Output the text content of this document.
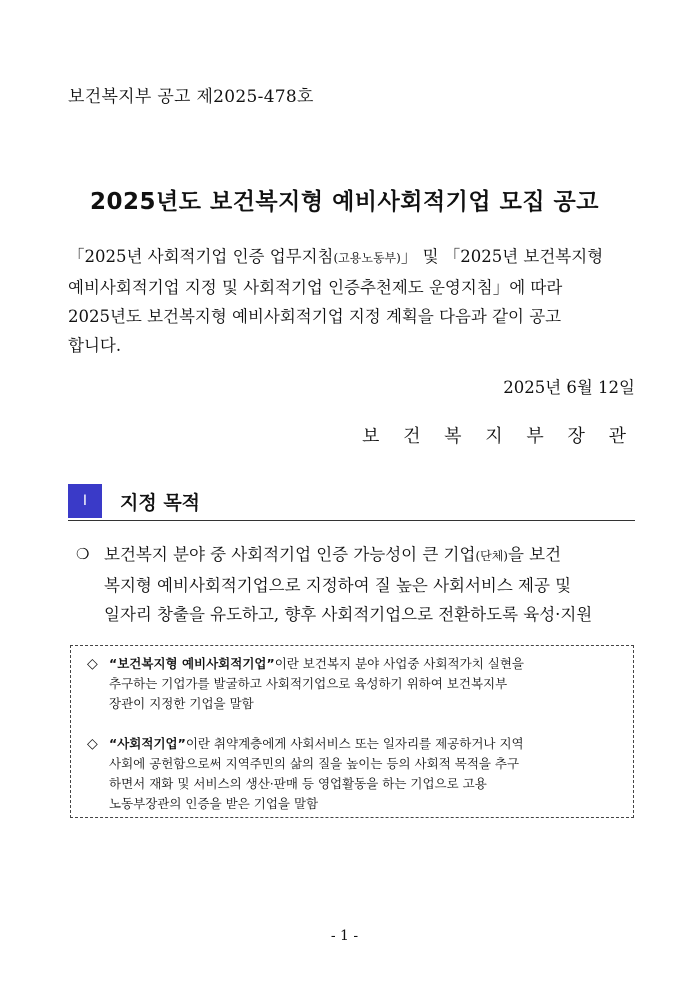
보건복지부 공고 제2025-478호
2025년도 보건복지형 예비사회적기업 모집 공고
「2025년 사회적기업 인증 업무지침(고용노동부)」 및 「2025년 보건복지형
예비사회적기업 지정 및 사회적기업 인증추천제도 운영지침」에 따라
2025년도 보건복지형 예비사회적기업 지정 계획을 다음과 같이 공고
합니다.
2025년 6월 12일
보 건 복 지 부 장 관
Ⅰ	지정 목적
❍ 보건복지 분야 중 사회적기업 인증 가능성이 큰 기업(단체)을 보건
복지형 예비사회적기업으로 지정하여 질 높은 사회서비스 제공 및
일자리 창출을 유도하고, 향후 사회적기업으로 전환하도록 육성·지원
◇ “보건복지형 예비사회적기업”이란 보건복지 분야 사업중 사회적가치 실현을
추구하는 기업가를 발굴하고 사회적기업으로 육성하기 위하여 보건복지부
장관이 지정한 기업을 말함
◇ “사회적기업”이란 취약계층에게 사회서비스 또는 일자리를 제공하거나 지역
사회에 공헌함으로써 지역주민의 삶의 질을 높이는 등의 사회적 목적을 추구
하면서 재화 및 서비스의 생산·판매 등 영업활동을 하는 기업으로 고용
노동부장관의 인증을 받은 기업을 말함
- 1 -
